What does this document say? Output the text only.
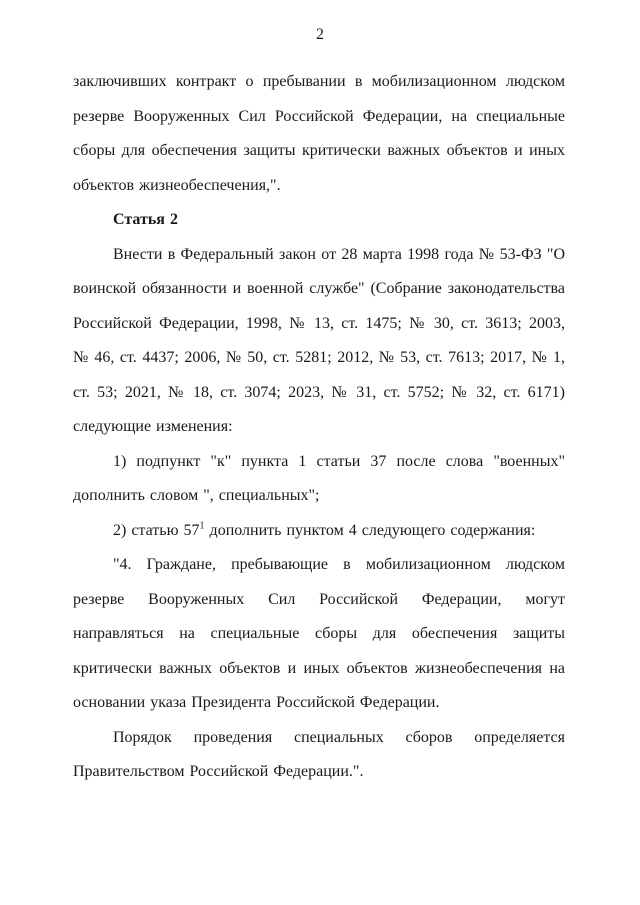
2

заключивших контракт о пребывании в мобилизационном людском резерве Вооруженных Сил Российской Федерации, на специальные сборы для обеспечения защиты критически важных объектов и иных объектов жизнеобеспечения,".

Статья 2

Внести в Федеральный закон от 28 марта 1998 года № 53-ФЗ "О воинской обязанности и военной службе" (Собрание законодательства Российской Федерации, 1998, № 13, ст. 1475; № 30, ст. 3613; 2003, № 46, ст. 4437; 2006, № 50, ст. 5281; 2012, № 53, ст. 7613; 2017, № 1, ст. 53; 2021, № 18, ст. 3074; 2023, № 31, ст. 5752; № 32, ст. 6171) следующие изменения:

1) подпункт "к" пункта 1 статьи 37 после слова "военных" дополнить словом ", специальных";

2) статью 57$^1$ дополнить пунктом 4 следующего содержания:

"4. Граждане, пребывающие в мобилизационном людском резерве Вооруженных Сил Российской Федерации, могут направляться на специальные сборы для обеспечения защиты критически важных объектов и иных объектов жизнеобеспечения на основании указа Президента Российской Федерации.

Порядок проведения специальных сборов определяется Правительством Российской Федерации.".
